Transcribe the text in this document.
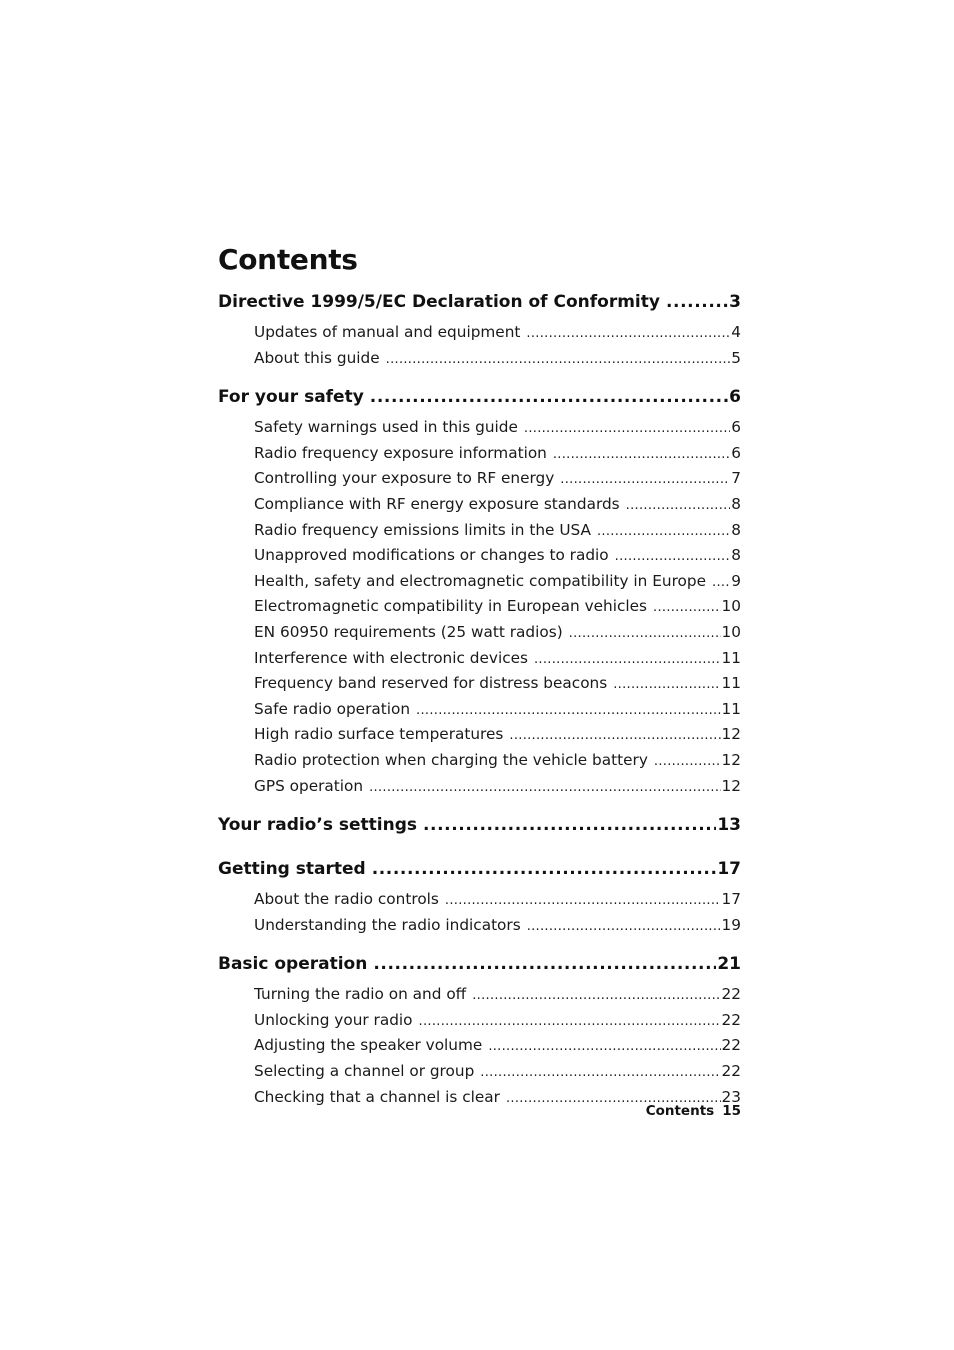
Contents
Directive 1999/5/EC Declaration of Conformity .....	3
Updates of manual and equipment .....	4
About this guide .....	5
For your safety .....	6
Safety warnings used in this guide .....	6
Radio frequency exposure information .....	6
Controlling your exposure to RF energy .....	7
Compliance with RF energy exposure standards .....	8
Radio frequency emissions limits in the USA .....	8
Unapproved modifications or changes to radio .....	8
Health, safety and electromagnetic compatibility in Europe ..... 9
Electromagnetic compatibility in European vehicles .....	10
EN 60950 requirements (25 watt radios) .....	10
Interference with electronic devices .....	11
Frequency band reserved for distress beacons .....	11
Safe radio operation .....	11
High radio surface temperatures .....	12
Radio protection when charging the vehicle battery .....	12
GPS operation .....	12
Your radio’s settings .....	13
Getting started .....	17
About the radio controls .....	17
Understanding the radio indicators .....	19
Basic operation .....	21
Turning the radio on and off .....	22
Unlocking your radio .....	22
Adjusting the speaker volume .....	22
Selecting a channel or group .....	22
Checking that a channel is clear .....	23
Contents 15
